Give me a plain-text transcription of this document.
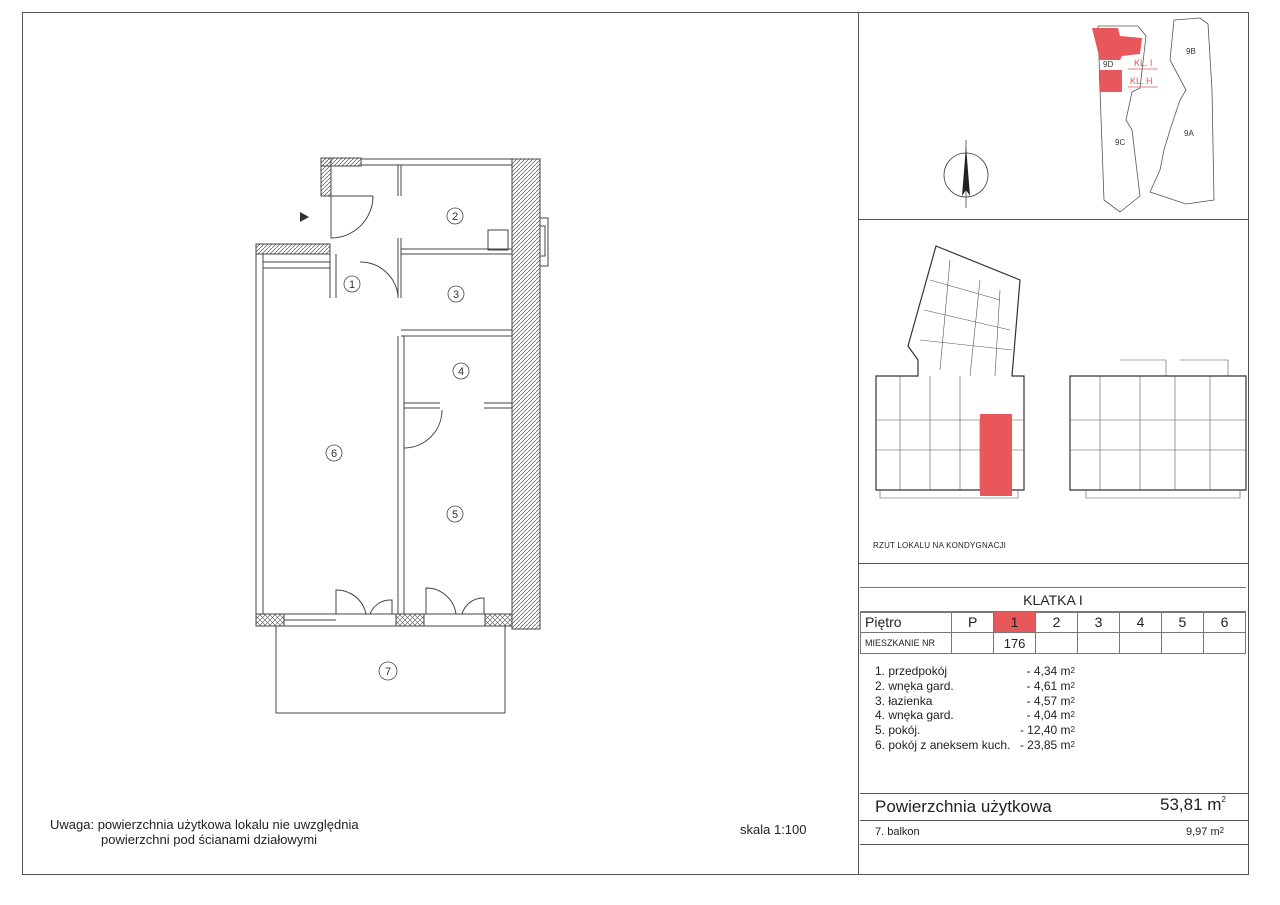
2
1
3
4
6
5
7
9D
9B
9C
9A
KL. I
KL. H
Uwaga: powierzchnia użytkowa lokalu nie uwzględnia
powierzchni pod ścianami działowymi
skala 1:100
RZUT LOKALU NA KONDYGNACJI
KLATKA I
Piętro	P	1	2	3	4	5	6
MIESZKANIE NR		176					
1. przedpokój	- 4,34 $m^2$
2. wnęka gard.	- 4,61 $m^2$
3. łazienka	- 4,57 $m^2$
4. wnęka gard.	- 4,04 $m^2$
5. pokój.	- 12,40 $m^2$
6. pokój z aneksem kuch. - 23,85 $m^2$
Powierzchnia użytkowa	53,81 $m^2$
7. balkon	9,97 $m^2$
